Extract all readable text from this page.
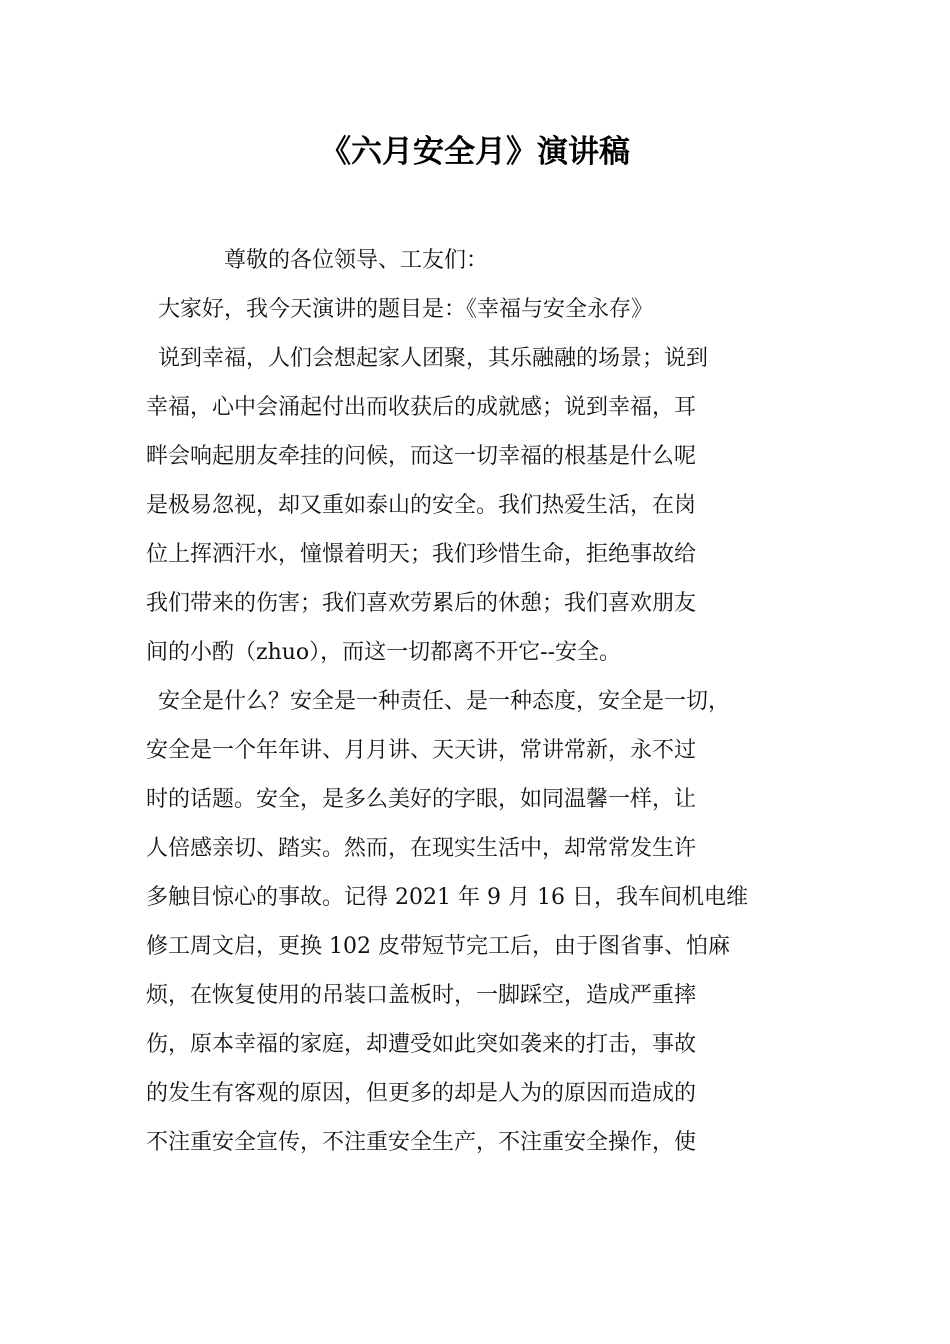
《六月安全月》演讲稿
尊敬的各位领导、工友们：
大家好，我今天演讲的题目是：《幸福与安全永存》
说到幸福，人们会想起家人团聚，其乐融融的场景；说到
幸福，心中会涌起付出而收获后的成就感；说到幸福，耳
畔会响起朋友牵挂的问候，而这一切幸福的根基是什么呢
是极易忽视，却又重如泰山的安全。我们热爱生活，在岗
位上挥洒汗水，憧憬着明天；我们珍惜生命，拒绝事故给
我们带来的伤害；我们喜欢劳累后的休憩；我们喜欢朋友
间的小酌（zhuo），而这一切都离不开它--安全。
安全是什么？安全是一种责任、是一种态度，安全是一切，
安全是一个年年讲、月月讲、天天讲，常讲常新，永不过
时的话题。安全，是多么美好的字眼，如同温馨一样，让
人倍感亲切、踏实。然而，在现实生活中，却常常发生许
多触目惊心的事故。记得 2021 年 9 月 16 日，我车间机电维
修工周文启，更换 102 皮带短节完工后，由于图省事、怕麻
烦，在恢复使用的吊装口盖板时，一脚踩空，造成严重摔
伤，原本幸福的家庭，却遭受如此突如袭来的打击，事故
的发生有客观的原因，但更多的却是人为的原因而造成的
不注重安全宣传，不注重安全生产，不注重安全操作，使
